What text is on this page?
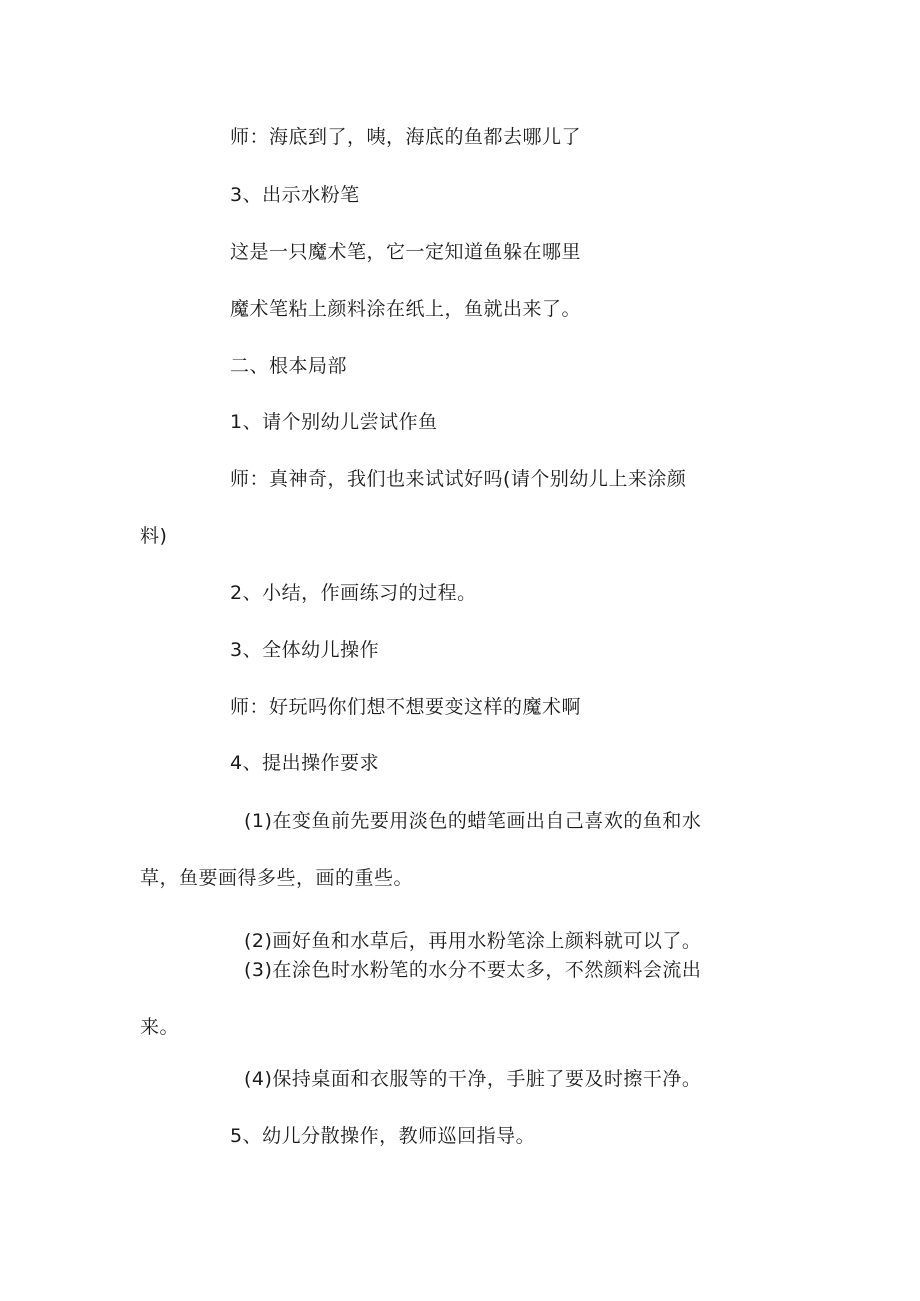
师：海底到了，咦，海底的鱼都去哪儿了
3、出示水粉笔
这是一只魔术笔，它一定知道鱼躲在哪里
魔术笔粘上颜料涂在纸上，鱼就出来了。
二、根本局部
1、请个别幼儿尝试作鱼
师：真神奇，我们也来试试好吗(请个别幼儿上来涂颜
料)
2、小结，作画练习的过程。
3、全体幼儿操作
师：好玩吗你们想不想要变这样的魔术啊
4、提出操作要求
(1)在变鱼前先要用淡色的蜡笔画出自己喜欢的鱼和水
草，鱼要画得多些，画的重些。
(2)画好鱼和水草后，再用水粉笔涂上颜料就可以了。
(3)在涂色时水粉笔的水分不要太多，不然颜料会流出
来。
(4)保持桌面和衣服等的干净，手脏了要及时擦干净。
5、幼儿分散操作，教师巡回指导。
